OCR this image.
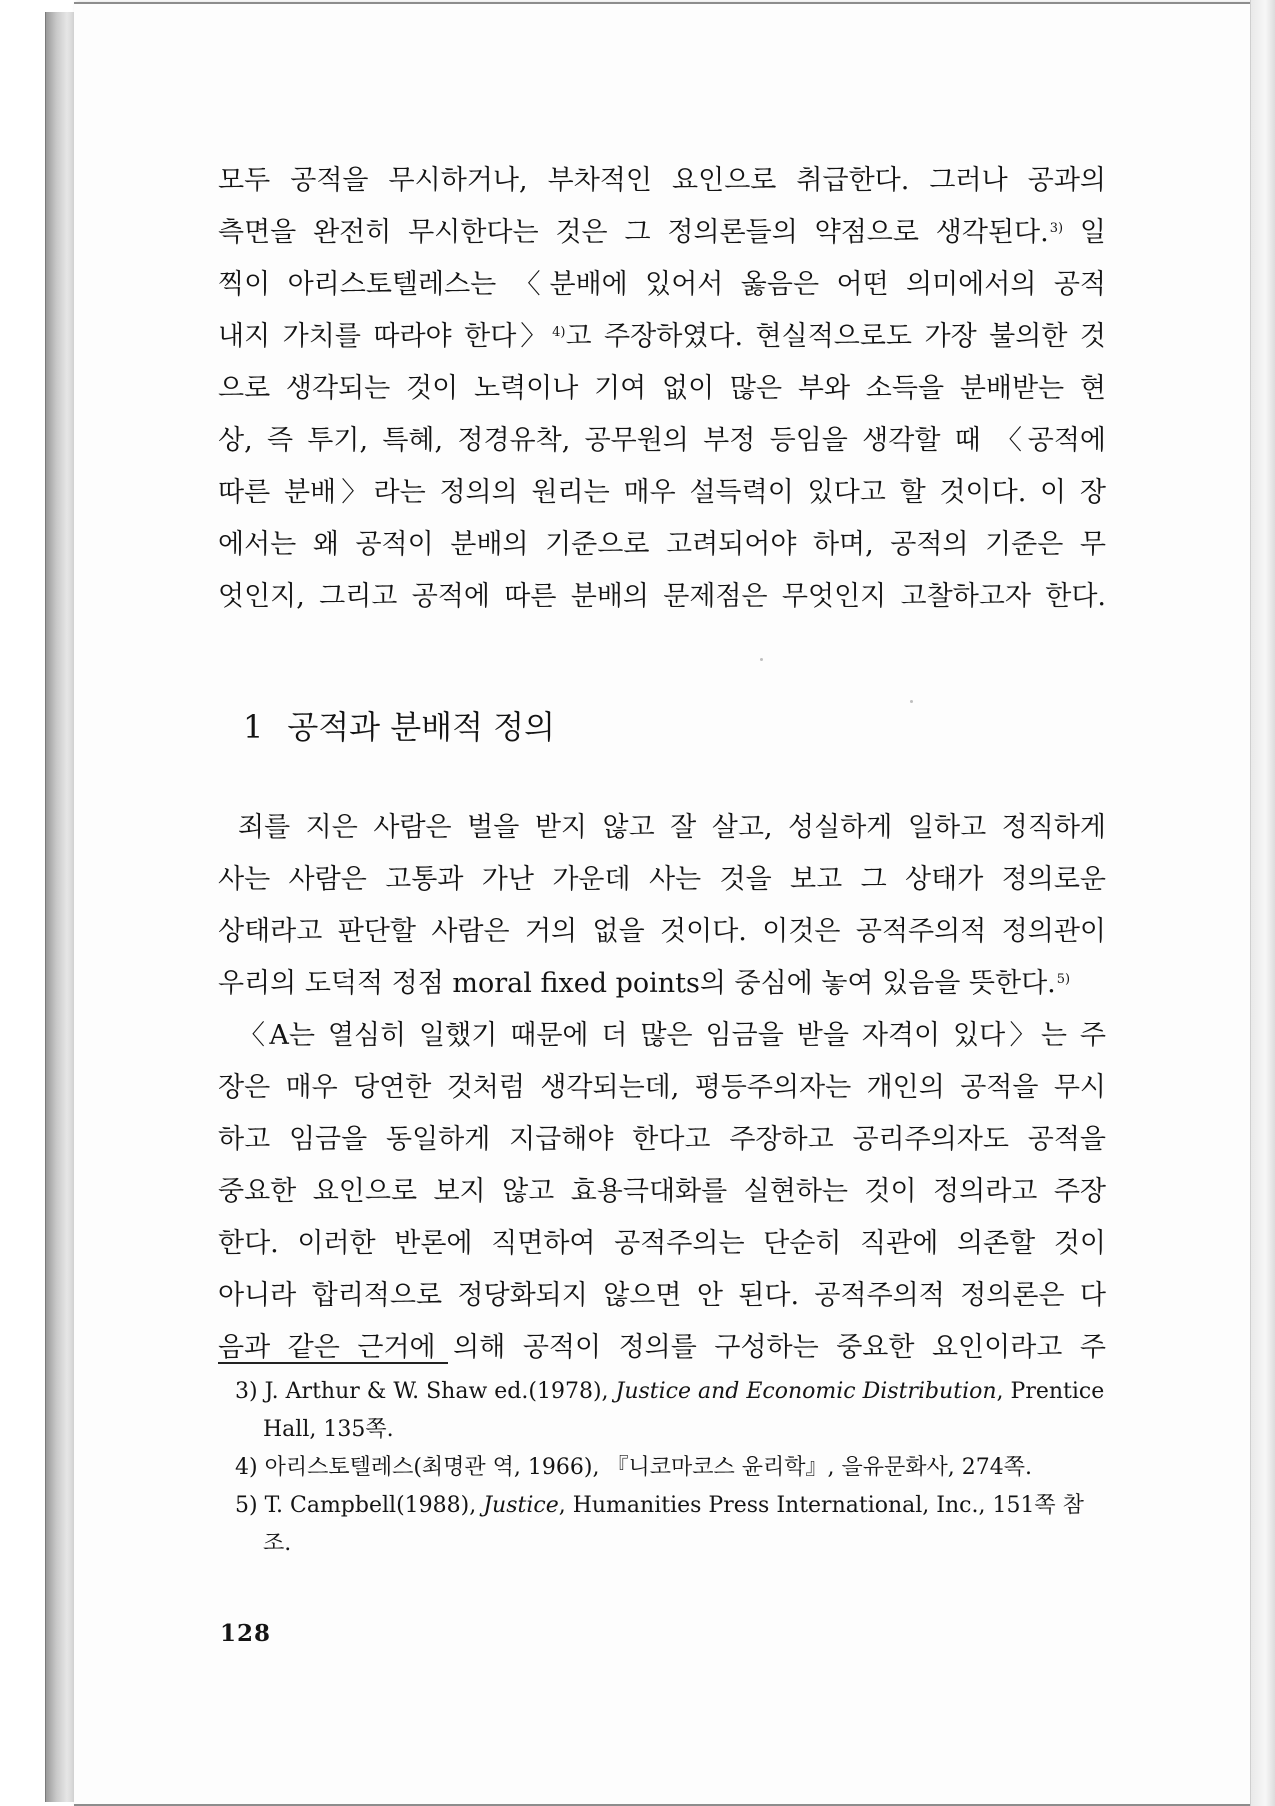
모두 공적을 무시하거나, 부차적인 요인으로 취급한다. 그러나 공과의
측면을 완전히 무시한다는 것은 그 정의론들의 약점으로 생각된다.$^{3)}$ 일
찍이 아리스토텔레스는 〈분배에 있어서 옳음은 어떤 의미에서의 공적
내지 가치를 따라야 한다〉$^{4)}$고 주장하였다. 현실적으로도 가장 불의한 것
으로 생각되는 것이 노력이나 기여 없이 많은 부와 소득을 분배받는 현
상, 즉 투기, 특혜, 정경유착, 공무원의 부정 등임을 생각할 때 〈공적에
따른 분배〉라는 정의의 원리는 매우 설득력이 있다고 할 것이다. 이 장
에서는 왜 공적이 분배의 기준으로 고려되어야 하며, 공적의 기준은 무
엇인지, 그리고 공적에 따른 분배의 문제점은 무엇인지 고찰하고자 한다.
1 공적과 분배적 정의
죄를 지은 사람은 벌을 받지 않고 잘 살고, 성실하게 일하고 정직하게
사는 사람은 고통과 가난 가운데 사는 것을 보고 그 상태가 정의로운
상태라고 판단할 사람은 거의 없을 것이다. 이것은 공적주의적 정의관이
우리의 도덕적 정점 moral fixed points의 중심에 놓여 있음을 뜻한다.$^{5)}$
〈A는 열심히 일했기 때문에 더 많은 임금을 받을 자격이 있다〉는 주
장은 매우 당연한 것처럼 생각되는데, 평등주의자는 개인의 공적을 무시
하고 임금을 동일하게 지급해야 한다고 주장하고 공리주의자도 공적을
중요한 요인으로 보지 않고 효용극대화를 실현하는 것이 정의라고 주장
한다. 이러한 반론에 직면하여 공적주의는 단순히 직관에 의존할 것이
아니라 합리적으로 정당화되지 않으면 안 된다. 공적주의적 정의론은 다
음과 같은 근거에 의해 공적이 정의를 구성하는 중요한 요인이라고 주
3) J. Arthur & W. Shaw ed.(1978), Justice and Economic Distribution, Prentice
Hall, 135쪽.
4) 아리스토텔레스(최명관 역, 1966), 『니코마코스 윤리학』, 을유문화사, 274쪽.
5) T. Campbell(1988), Justice, Humanities Press International, Inc., 151쪽 참
조.
128
